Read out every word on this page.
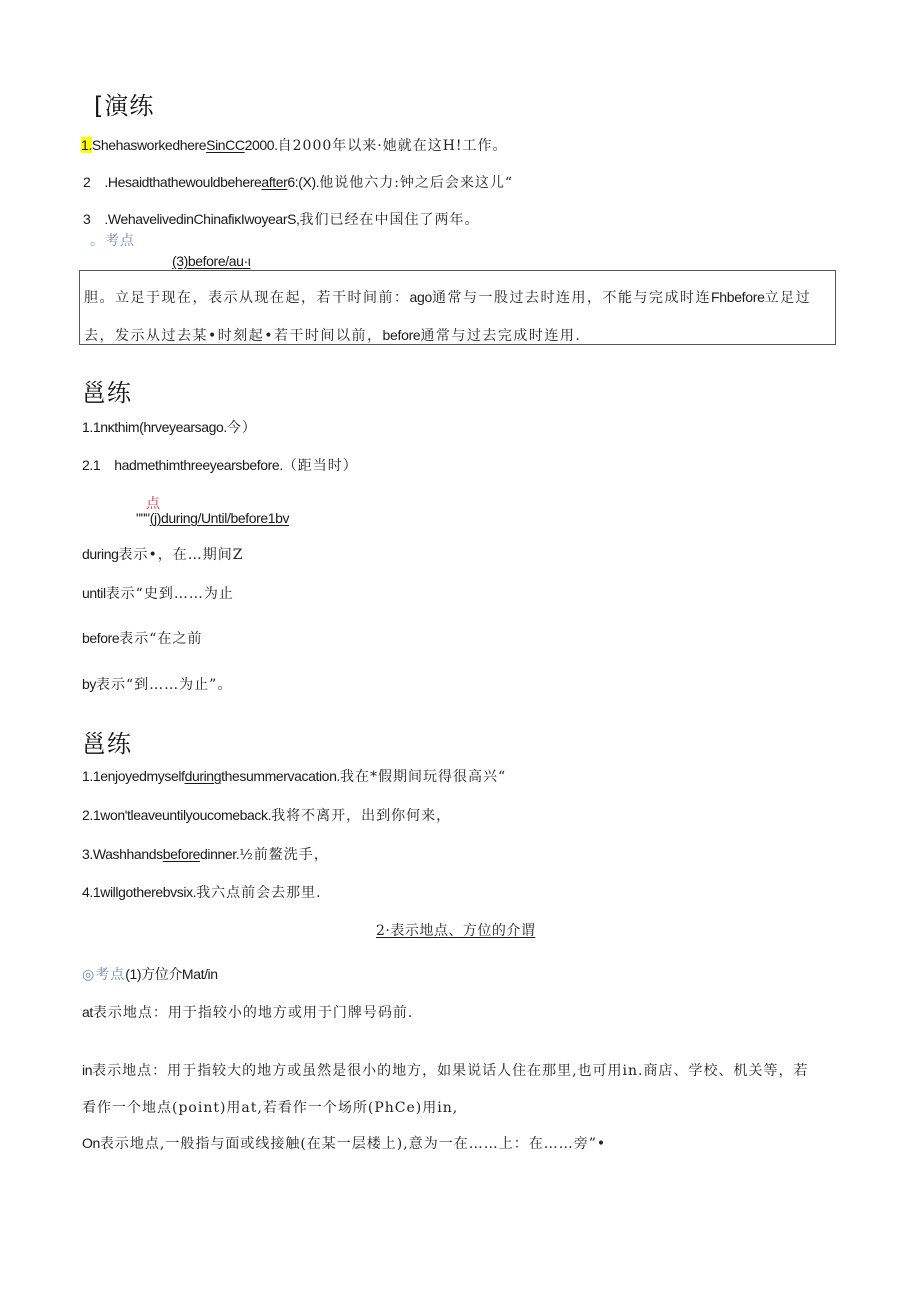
[演练
1.ShehasworkedhereSinCC2000.自2000年以来·她就在这H!工作。
2 .Hesaidthathewouldbehereafter6:(X).他说他六力:钟之后会来这儿“
3 .WehavelivedinChinafiκIwoyearS,我们已经在中国住了两年。
。考点
(3)before/au·ι
胆。立足于现在，表示从现在起，若干时间前：ago通常与一股过去时连用，不能与完成时连Fhbefore立足过
去，发示从过去某•时刻起•若干时间以前，before通常与过去完成时连用.
邕练
1.1nκthim(hrveyearsago.今）
2.1    hadmethimthreeyearsbefore.（距当时）
点
"""(j)during/Until/before1bv
during表示•，在…期间Z
until表示“史到……为止
before表示“在之前
by表示“到……为止”。
邕练
1.1enjoyedmyselfduringthesummervacation.我在*假期间玩得很高兴“
2.1won'tleaveuntilyoucomeback.我将不离开，出到你何来，
3.Washhandsbeforedinner.½前鳌洗手，
4.1willgotherebvsix.我六点前会去那里.
2·表示地点、方位的介谓
◎考点(1)方位介Mat/in
at表示地点：用于指较小的地方或用于门牌号码前.
in表示地点：用于指较大的地方或虽然是很小的地方，如果说话人住在那里,也可用in.商店、学校、机关等，若
看作一个地点(point)用at,若看作一个场所(PhCe)用in,
On表示地点,一般指与面或线接触(在某一层楼上),意为一在……上：在……旁”•
